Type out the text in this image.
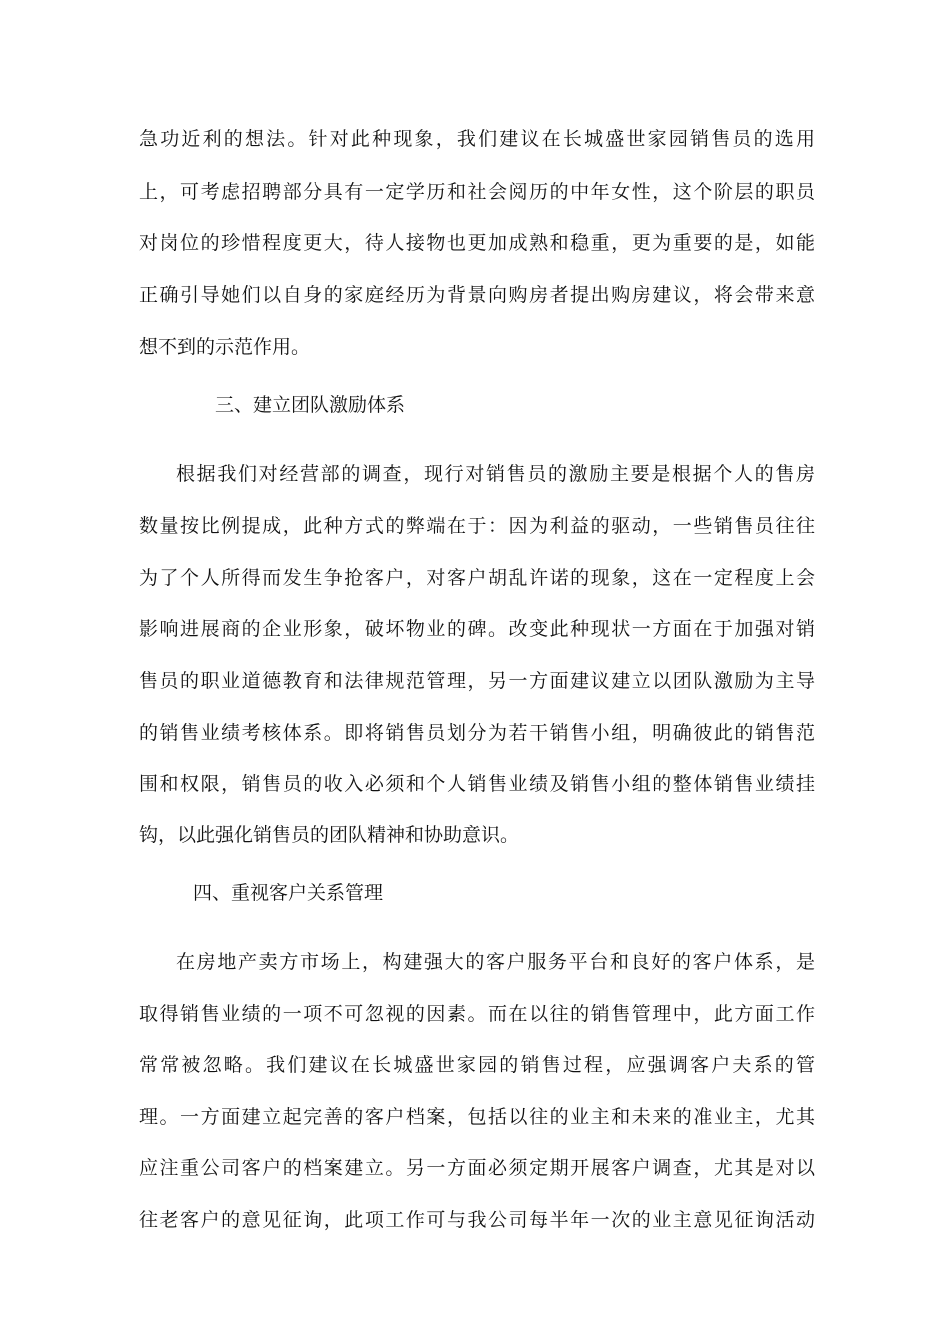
急功近利的想法。针对此种现象，我们建议在长城盛世家园销售员的选用
上，可考虑招聘部分具有一定学历和社会阅历的中年女性，这个阶层的职员
对岗位的珍惜程度更大，待人接物也更加成熟和稳重，更为重要的是，如能
正确引导她们以自身的家庭经历为背景向购房者提出购房建议，将会带来意
想不到的示范作用。
三、建立团队激励体系
根据我们对经营部的调查，现行对销售员的激励主要是根据个人的售房
数量按比例提成，此种方式的弊端在于：因为利益的驱动，一些销售员往往
为了个人所得而发生争抢客户，对客户胡乱许诺的现象，这在一定程度上会
影响进展商的企业形象，破坏物业的碑。改变此种现状一方面在于加强对销
售员的职业道德教育和法律规范管理，另一方面建议建立以团队激励为主导
的销售业绩考核体系。即将销售员划分为若干销售小组，明确彼此的销售范
围和权限，销售员的收入必须和个人销售业绩及销售小组的整体销售业绩挂
钩，以此强化销售员的团队精神和协助意识。
四、重视客户关系管理
在房地产卖方市场上，构建强大的客户服务平台和良好的客户体系，是
取得销售业绩的一项不可忽视的因素。而在以往的销售管理中，此方面工作
常常被忽略。我们建议在长城盛世家园的销售过程，应强调客户夫系的管
理。一方面建立起完善的客户档案，包括以往的业主和未来的准业主，尤其
应注重公司客户的档案建立。另一方面必须定期开展客户调查，尤其是对以
往老客户的意见征询，此项工作可与我公司每半年一次的业主意见征询活动
